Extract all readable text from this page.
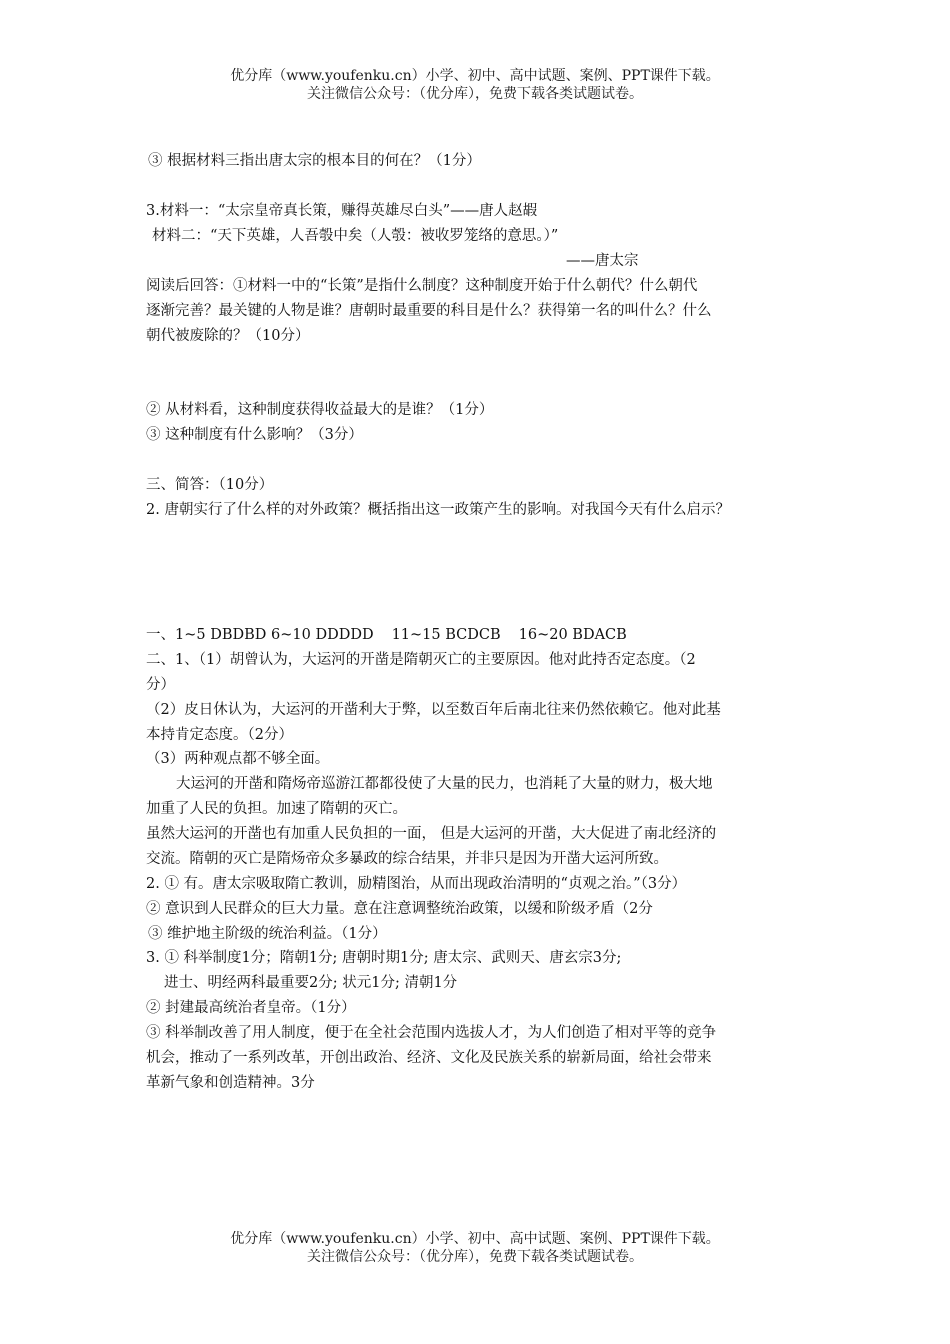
优分库（www.youfenku.cn）小学、初中、高中试题、案例、PPT课件下载。
关注微信公众号：（优分库），免费下载各类试题试卷。
③ 根据材料三指出唐太宗的根本目的何在？（1分）
3.材料一：“太宗皇帝真长策，赚得英雄尽白头”——唐人赵嘏
材料二：“天下英雄，人吾彀中矣（人彀：被收罗笼络的意思。）”
——唐太宗
阅读后回答：①材料一中的“长策”是指什么制度？这种制度开始于什么朝代？什么朝代
逐渐完善？最关键的人物是谁？唐朝时最重要的科目是什么？获得第一名的叫什么？什么
朝代被废除的？（10分）
② 从材料看，这种制度获得收益最大的是谁？（1分）
③ 这种制度有什么影响？（3分）
三、简答：（10分）
2. 唐朝实行了什么样的对外政策？概括指出这一政策产生的影响。对我国今天有什么启示？
一、1~5 DBDBD 6~10 DDDDD 11~15 BCDCB 16~20 BDACB
二、1、（1）胡曾认为，大运河的开凿是隋朝灭亡的主要原因。他对此持否定态度。（2
分）
（2）皮日休认为，大运河的开凿利大于弊，以至数百年后南北往来仍然依赖它。他对此基
本持肯定态度。（2分）
（3）两种观点都不够全面。
大运河的开凿和隋炀帝巡游江都都役使了大量的民力，也消耗了大量的财力，极大地
加重了人民的负担。加速了隋朝的灭亡。
虽然大运河的开凿也有加重人民负担的一面， 但是大运河的开凿，大大促进了南北经济的
交流。隋朝的灭亡是隋炀帝众多暴政的综合结果，并非只是因为开凿大运河所致。
2. ① 有。唐太宗吸取隋亡教训，励精图治，从而出现政治清明的“贞观之治。”（3分）
② 意识到人民群众的巨大力量。意在注意调整统治政策，以缓和阶级矛盾（2分
③ 维护地主阶级的统治利益。（1分）
3. ① 科举制度1分；隋朝1分; 唐朝时期1分; 唐太宗、武则天、唐玄宗3分;
进士、明经两科最重要2分; 状元1分; 清朝1分
② 封建最高统治者皇帝。（1分）
③ 科举制改善了用人制度，便于在全社会范围内选拔人才，为人们创造了相对平等的竞争
机会，推动了一系列改革，开创出政治、经济、文化及民族关系的崭新局面，给社会带来
革新气象和创造精神。3分
优分库（www.youfenku.cn）小学、初中、高中试题、案例、PPT课件下载。
关注微信公众号：（优分库），免费下载各类试题试卷。
